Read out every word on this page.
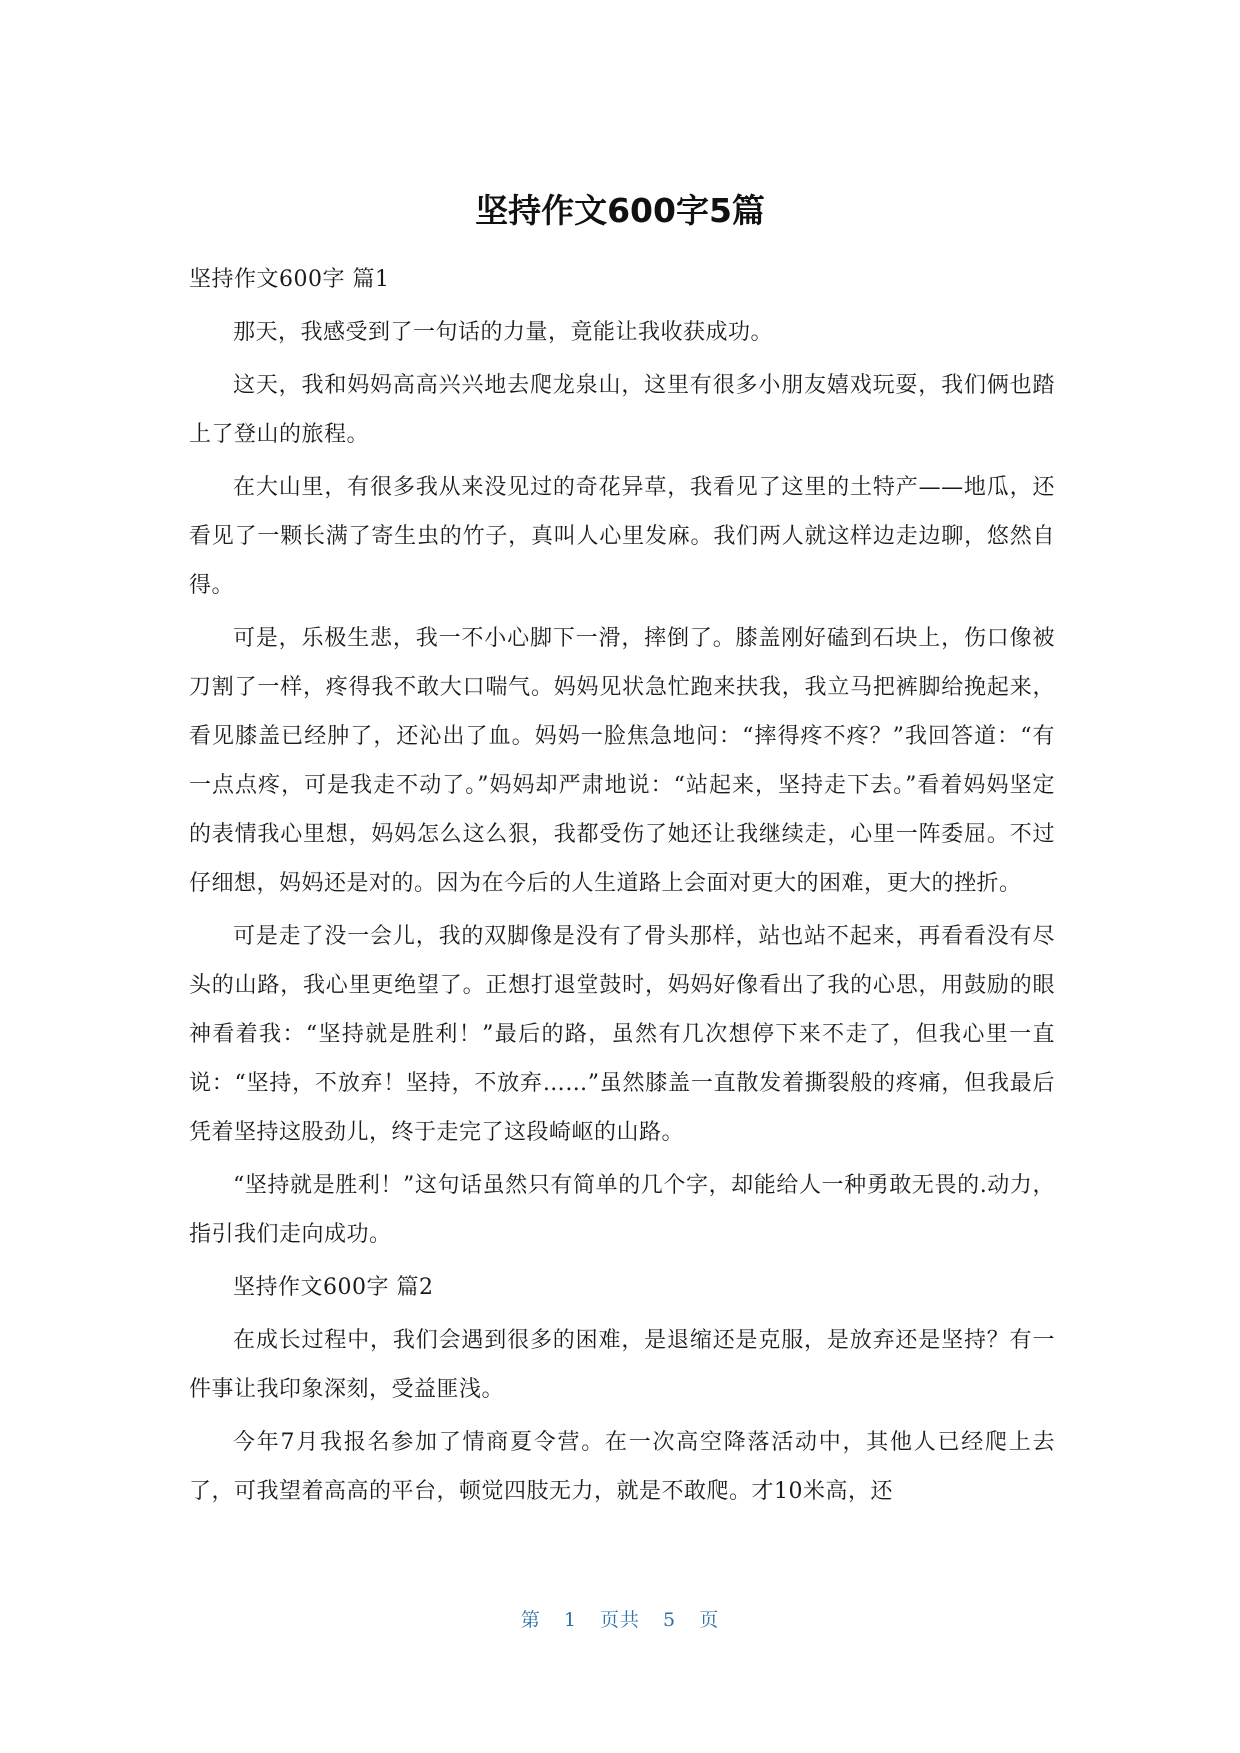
坚持作文600字5篇

坚持作文600字 篇1

那天，我感受到了一句话的力量，竟能让我收获成功。

这天，我和妈妈高高兴兴地去爬龙泉山，这里有很多小朋友嬉戏玩耍，我们俩也踏上了登山的旅程。

在大山里，有很多我从来没见过的奇花异草，我看见了这里的土特产——地瓜，还看见了一颗长满了寄生虫的竹子，真叫人心里发麻。我们两人就这样边走边聊，悠然自得。

可是，乐极生悲，我一不小心脚下一滑，摔倒了。膝盖刚好磕到石块上，伤口像被刀割了一样，疼得我不敢大口喘气。妈妈见状急忙跑来扶我，我立马把裤脚给挽起来，看见膝盖已经肿了，还沁出了血。妈妈一脸焦急地问：“摔得疼不疼？”我回答道：“有一点点疼，可是我走不动了。”妈妈却严肃地说：“站起来，坚持走下去。”看着妈妈坚定的表情我心里想，妈妈怎么这么狠，我都受伤了她还让我继续走，心里一阵委屈。不过仔细想，妈妈还是对的。因为在今后的人生道路上会面对更大的困难，更大的挫折。

可是走了没一会儿，我的双脚像是没有了骨头那样，站也站不起来，再看看没有尽头的山路，我心里更绝望了。正想打退堂鼓时，妈妈好像看出了我的心思，用鼓励的眼神看着我：“坚持就是胜利！”最后的路，虽然有几次想停下来不走了，但我心里一直说：“坚持，不放弃！坚持，不放弃……”虽然膝盖一直散发着撕裂般的疼痛，但我最后凭着坚持这股劲儿，终于走完了这段崎岖的山路。

“坚持就是胜利！”这句话虽然只有简单的几个字，却能给人一种勇敢无畏的.动力，指引我们走向成功。

坚持作文600字 篇2

在成长过程中，我们会遇到很多的困难，是退缩还是克服，是放弃还是坚持？有一件事让我印象深刻，受益匪浅。

今年7月我报名参加了情商夏令营。在一次高空降落活动中，其他人已经爬上去了，可我望着高高的平台，顿觉四肢无力，就是不敢爬。才10米高，还

第 1 页共 5 页
